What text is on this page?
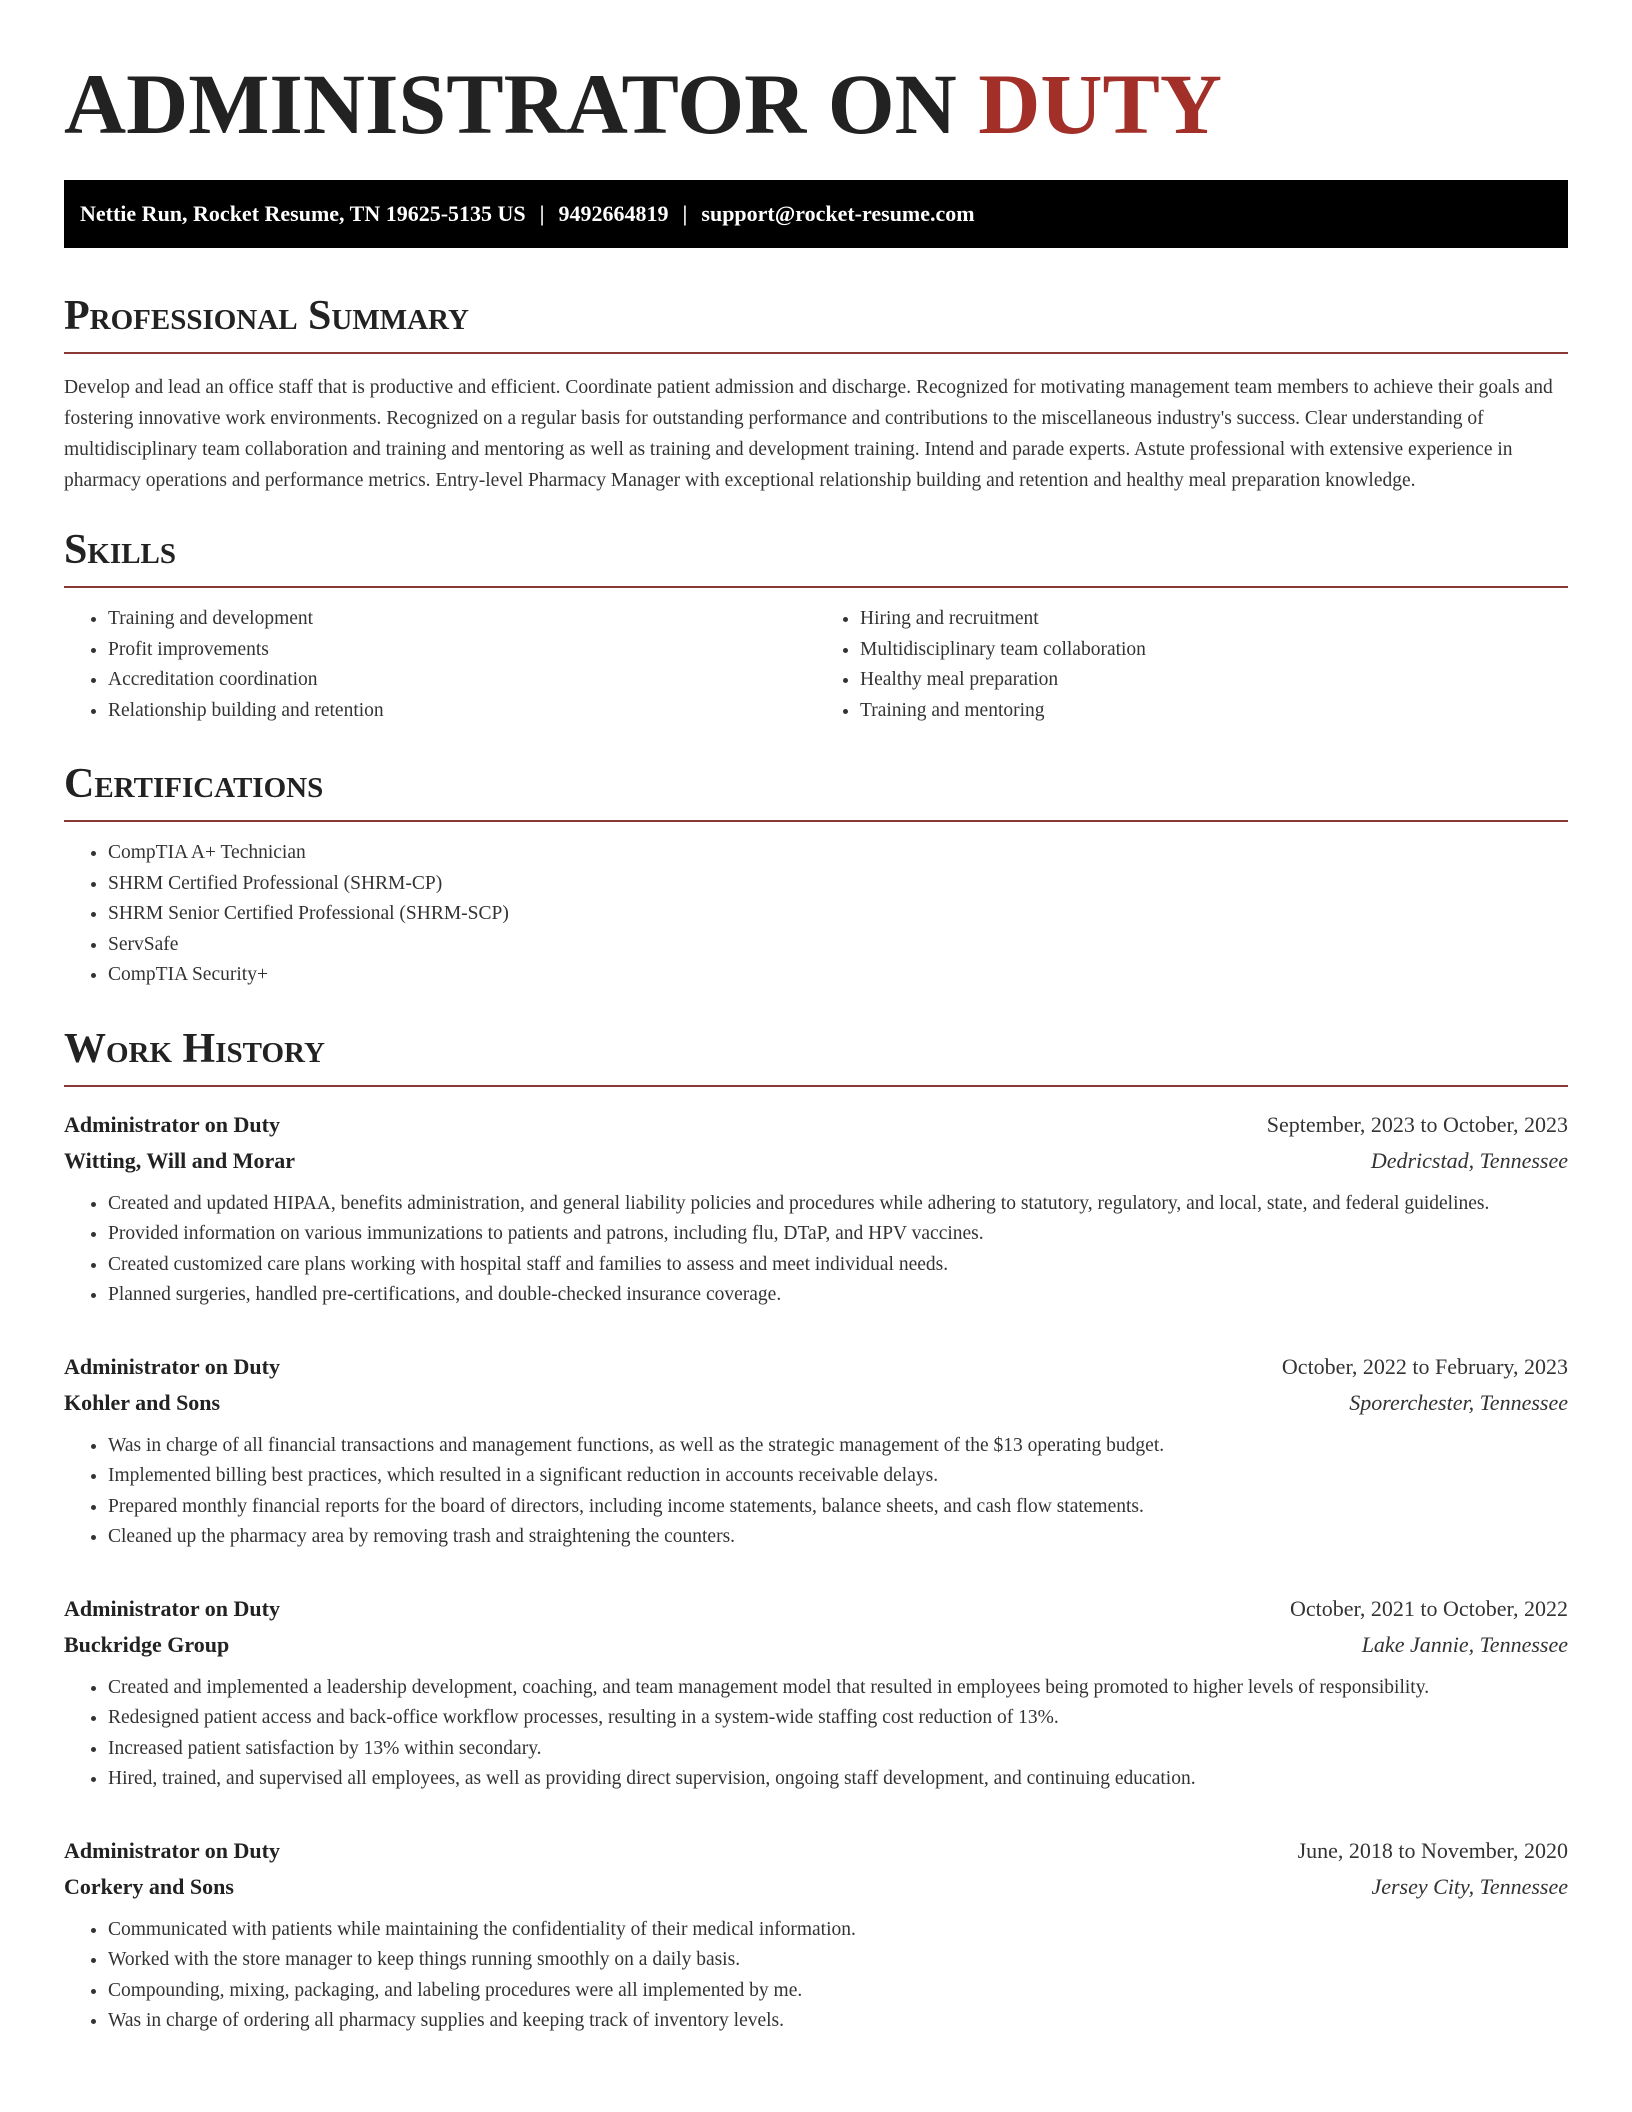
ADMINISTRATOR ON DUTY
Nettie Run, Rocket Resume, TN 19625-5135 US | 9492664819 | support@rocket-resume.com
Professional Summary

Develop and lead an office staff that is productive and efficient. Coordinate patient admission and discharge. Recognized for motivating management team members to achieve their goals and fostering innovative work environments. Recognized on a regular basis for outstanding performance and contributions to the miscellaneous industry's success. Clear understanding of multidisciplinary team collaboration and training and mentoring as well as training and development training. Intend and parade experts. Astute professional with extensive experience in pharmacy operations and performance metrics. Entry-level Pharmacy Manager with exceptional relationship building and retention and healthy meal preparation knowledge.

Skills
• Training and development
• Profit improvements
• Accreditation coordination
• Relationship building and retention
• Hiring and recruitment
• Multidisciplinary team collaboration
• Healthy meal preparation
• Training and mentoring
Certifications
• CompTIA A+ Technician
• SHRM Certified Professional (SHRM-CP)
• SHRM Senior Certified Professional (SHRM-SCP)
• ServSafe
• CompTIA Security+
Work History
Administrator on Duty	September, 2023 to October, 2023
Witting, Will and Morar	Dedricstad, Tennessee
• Created and updated HIPAA, benefits administration, and general liability policies and procedures while adhering to statutory, regulatory, and local, state, and federal guidelines.
• Provided information on various immunizations to patients and patrons, including flu, DTaP, and HPV vaccines.
• Created customized care plans working with hospital staff and families to assess and meet individual needs.
• Planned surgeries, handled pre-certifications, and double-checked insurance coverage.
Administrator on Duty	October, 2022 to February, 2023
Kohler and Sons	Sporerchester, Tennessee
• Was in charge of all financial transactions and management functions, as well as the strategic management of the $13 operating budget.
• Implemented billing best practices, which resulted in a significant reduction in accounts receivable delays.
• Prepared monthly financial reports for the board of directors, including income statements, balance sheets, and cash flow statements.
• Cleaned up the pharmacy area by removing trash and straightening the counters.
Administrator on Duty	October, 2021 to October, 2022
Buckridge Group	Lake Jannie, Tennessee
• Created and implemented a leadership development, coaching, and team management model that resulted in employees being promoted to higher levels of responsibility.
• Redesigned patient access and back-office workflow processes, resulting in a system-wide staffing cost reduction of 13%.
• Increased patient satisfaction by 13% within secondary.
• Hired, trained, and supervised all employees, as well as providing direct supervision, ongoing staff development, and continuing education.
Administrator on Duty	June, 2018 to November, 2020
Corkery and Sons	Jersey City, Tennessee
• Communicated with patients while maintaining the confidentiality of their medical information.
• Worked with the store manager to keep things running smoothly on a daily basis.
• Compounding, mixing, packaging, and labeling procedures were all implemented by me.
• Was in charge of ordering all pharmacy supplies and keeping track of inventory levels.
